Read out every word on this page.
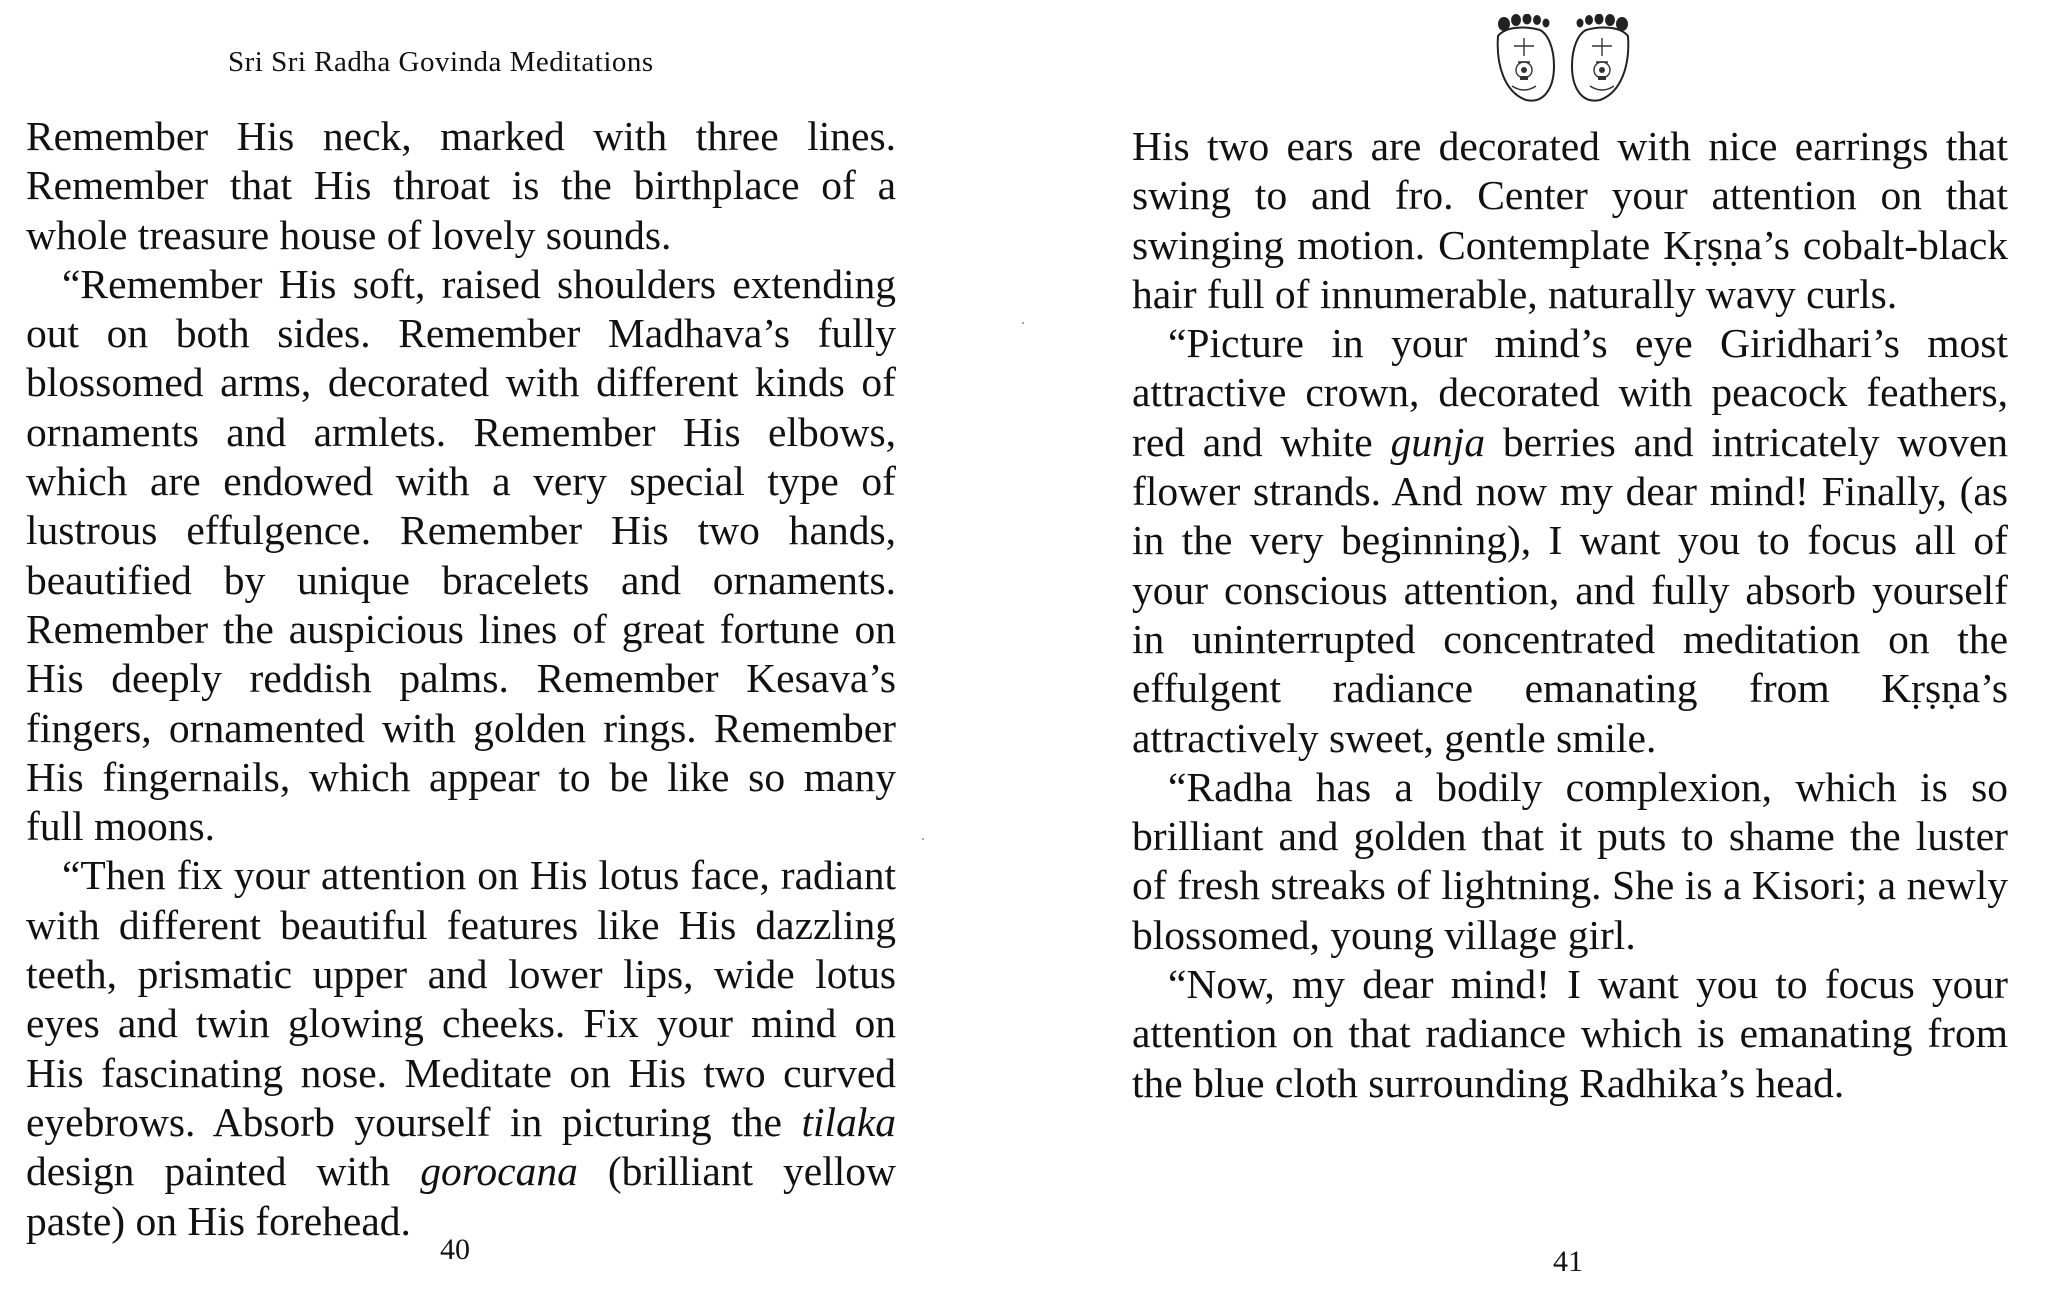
Sri Sri Radha Govinda Meditations

Remember His neck, marked with three lines. Remember that His throat is the birthplace of a whole treasure house of lovely sounds.

“Remember His soft, raised shoulders extending out on both sides. Remember Madhava’s fully blossomed arms, decorated with different kinds of ornaments and armlets. Remember His elbows, which are endowed with a very special type of lustrous effulgence. Remember His two hands, beautified by unique bracelets and ornaments. Remember the auspicious lines of great fortune on His deeply reddish palms. Remember Kesava’s fingers, ornamented with golden rings. Remember His fingernails, which appear to be like so many full moons.

“Then fix your attention on His lotus face, radiant with different beautiful features like His dazzling teeth, prismatic upper and lower lips, wide lotus eyes and twin glowing cheeks. Fix your mind on His fascinating nose. Meditate on His two curved eyebrows. Absorb yourself in picturing the tilaka design painted with gorocana (brilliant yellow paste) on His forehead.

40

His two ears are decorated with nice earrings that swing to and fro. Center your attention on that swinging motion. Contemplate Kṛṣṇa’s cobalt-black hair full of innumerable, naturally wavy curls.

“Picture in your mind’s eye Giridhari’s most attractive crown, decorated with peacock feathers, red and white gunja berries and intricately woven flower strands. And now my dear mind! Finally, (as in the very beginning), I want you to focus all of your conscious attention, and fully absorb yourself in uninterrupted concentrated meditation on the effulgent radiance emanating from Kṛṣṇa’s attractively sweet, gentle smile.

“Radha has a bodily complexion, which is so brilliant and golden that it puts to shame the luster of fresh streaks of lightning. She is a Kisori; a newly blossomed, young village girl.

“Now, my dear mind! I want you to focus your attention on that radiance which is emanating from the blue cloth surrounding Radhika’s head.

41
